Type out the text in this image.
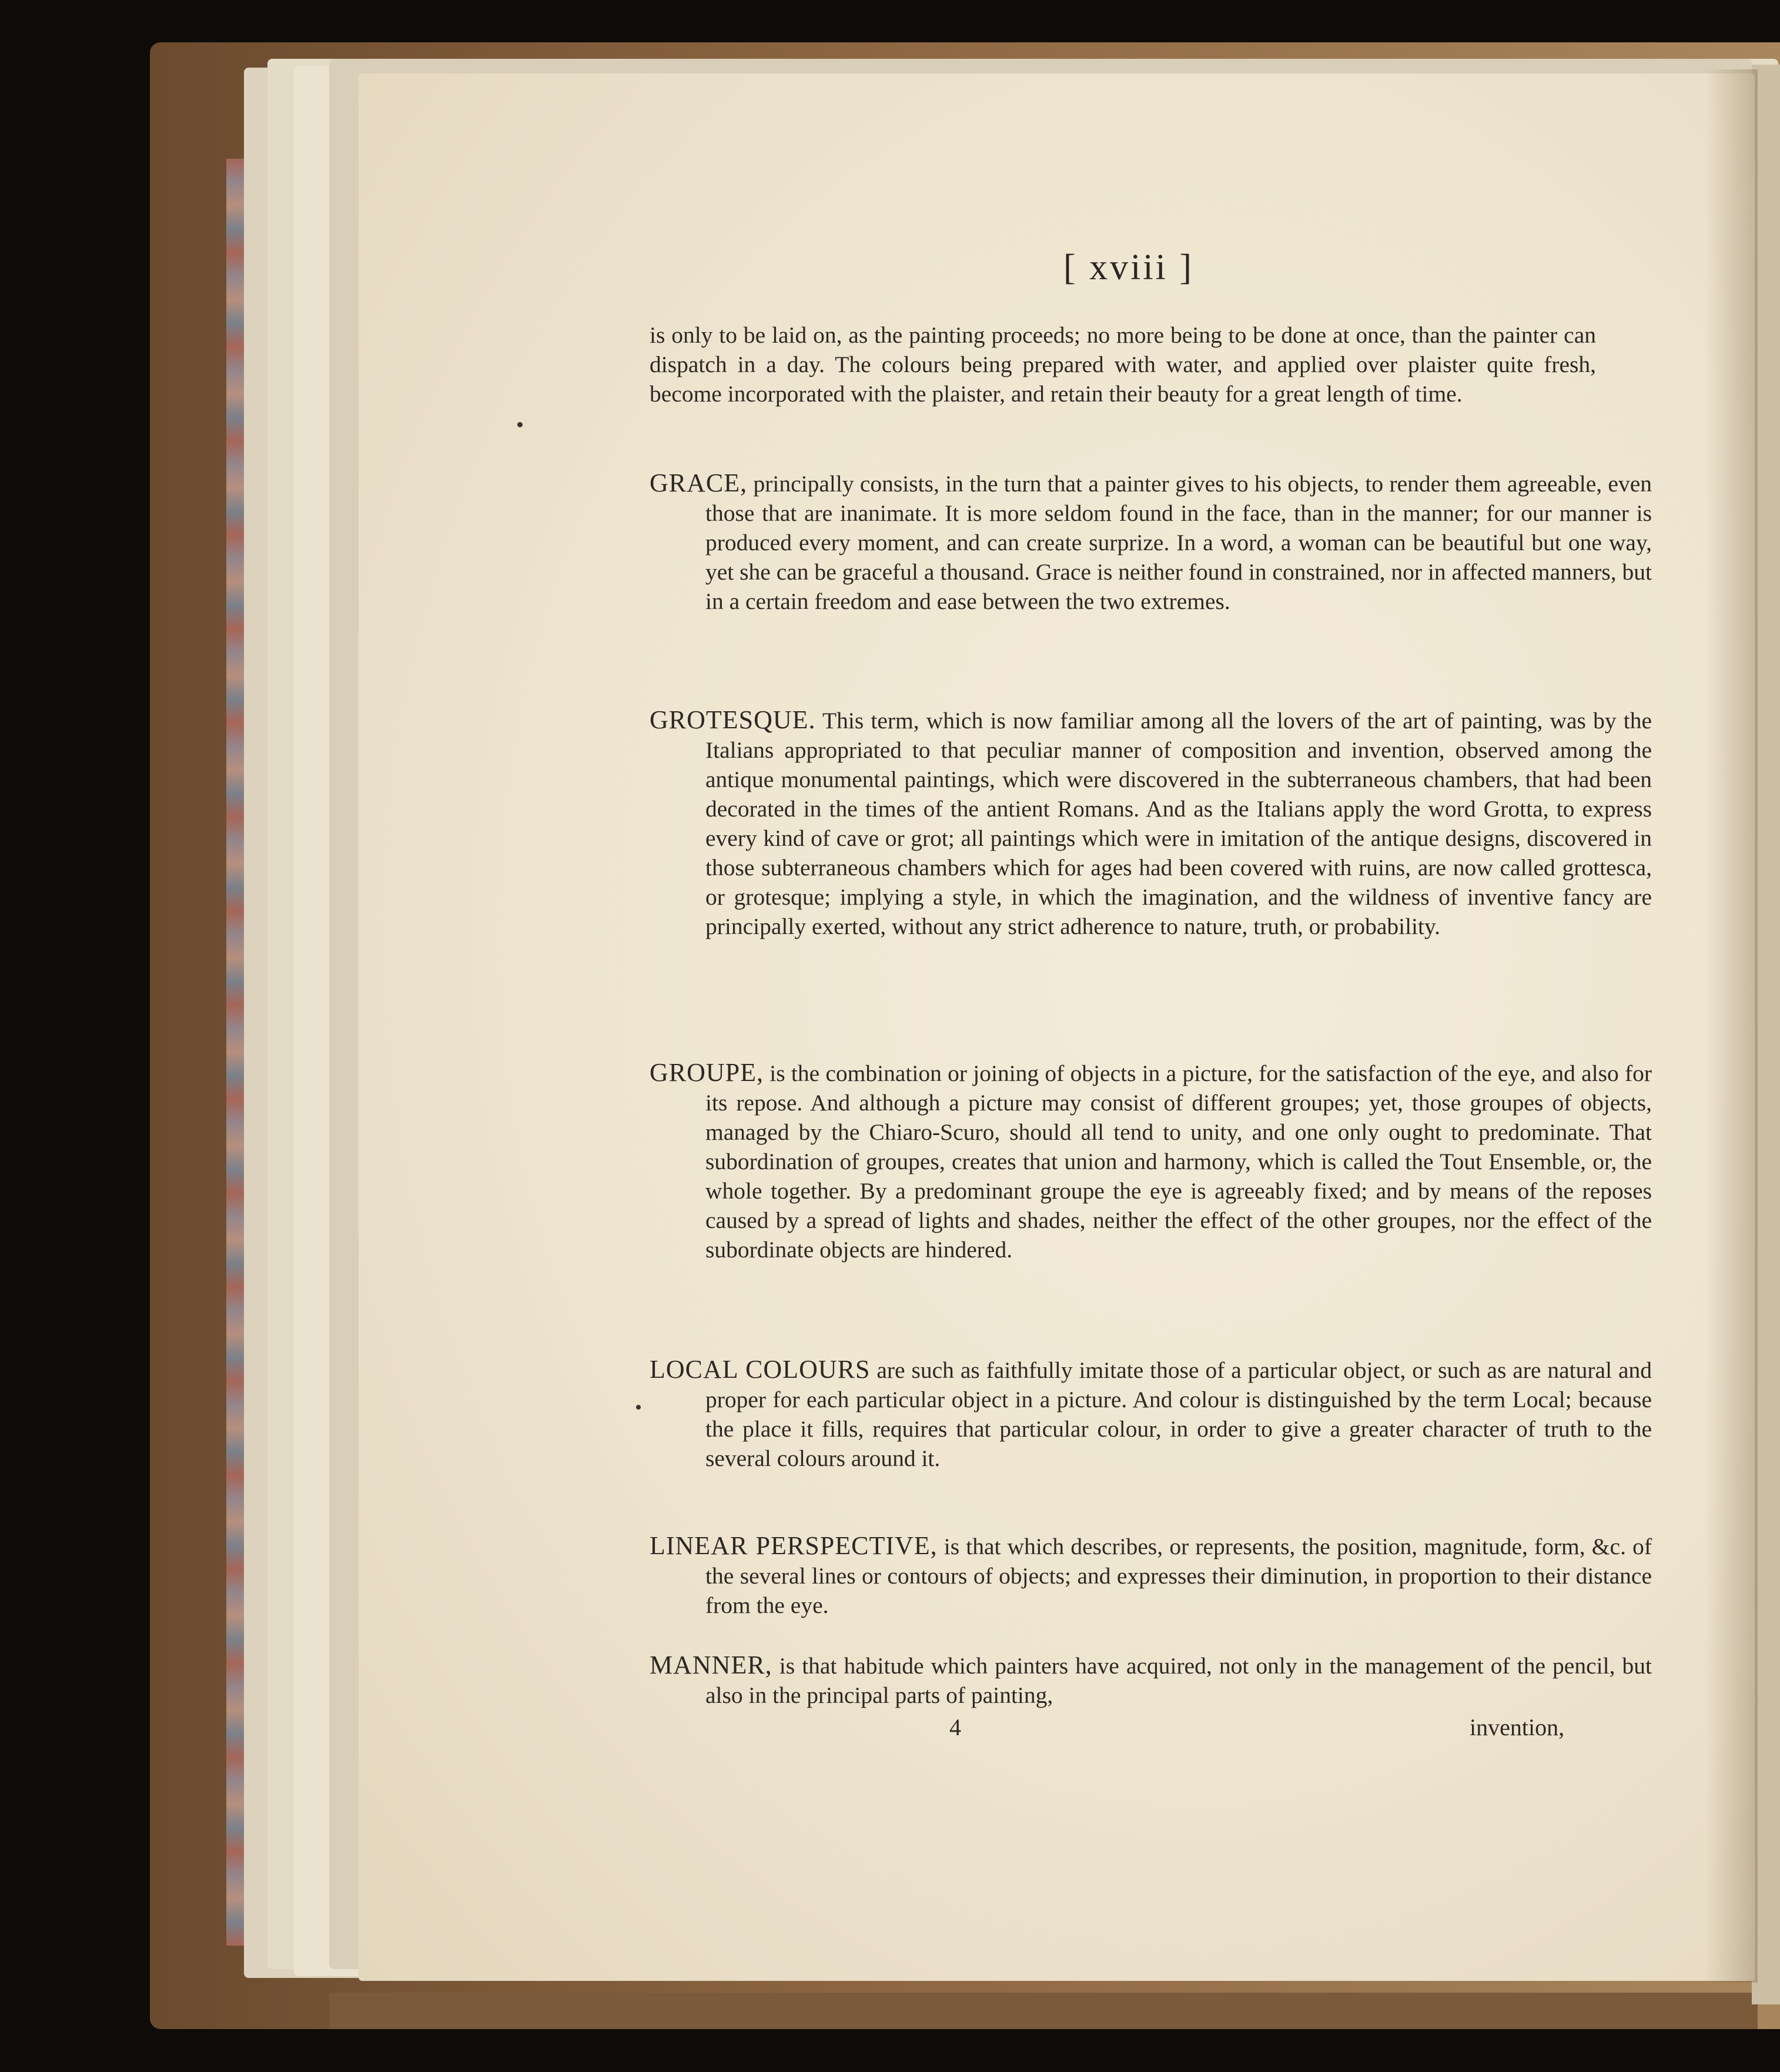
[ xviii ]
is only to be laid on, as the painting proceeds; no more being to be done at once, than the painter can dispatch in a day. The colours being prepared with water, and applied over plaister quite fresh, become incorporated with the plaister, and retain their beauty for a great length of time.
GRACE, principally consists, in the turn that a painter gives to his objects, to render them agreeable, even those that are inanimate. It is more seldom found in the face, than in the manner; for our manner is produced every moment, and can create surprize. In a word, a woman can be beautiful but one way, yet she can be graceful a thousand. Grace is neither found in constrained, nor in affected manners, but in a certain freedom and ease between the two extremes.
GROTESQUE. This term, which is now familiar among all the lovers of the art of painting, was by the Italians appropriated to that peculiar manner of composition and invention, observed among the antique monumental paintings, which were discovered in the subterraneous chambers, that had been decorated in the times of the antient Romans. And as the Italians apply the word Grotta, to express every kind of cave or grot; all paintings which were in imitation of the antique designs, discovered in those subterraneous chambers which for ages had been covered with ruins, are now called grottesca, or grotesque; implying a style, in which the imagination, and the wildness of inventive fancy are principally exerted, without any strict adherence to nature, truth, or probability.
GROUPE, is the combination or joining of objects in a picture, for the satisfaction of the eye, and also for its repose. And although a picture may consist of different groupes; yet, those groupes of objects, managed by the Chiaro-Scuro, should all tend to unity, and one only ought to predominate. That subordination of groupes, creates that union and harmony, which is called the Tout Ensemble, or, the whole together. By a predominant groupe the eye is agreeably fixed; and by means of the reposes caused by a spread of lights and shades, neither the effect of the other groupes, nor the effect of the subordinate objects are hindered.
LOCAL COLOURS are such as faithfully imitate those of a particular object, or such as are natural and proper for each particular object in a picture. And colour is distinguished by the term Local; because the place it fills, requires that particular colour, in order to give a greater character of truth to the several colours around it.
LINEAR PERSPECTIVE, is that which describes, or represents, the position, magnitude, form, &c. of the several lines or contours of objects; and expresses their diminution, in proportion to their distance from the eye.
MANNER, is that habitude which painters have acquired, not only in the management of the pencil, but also in the principal parts of painting,
4	invention,
